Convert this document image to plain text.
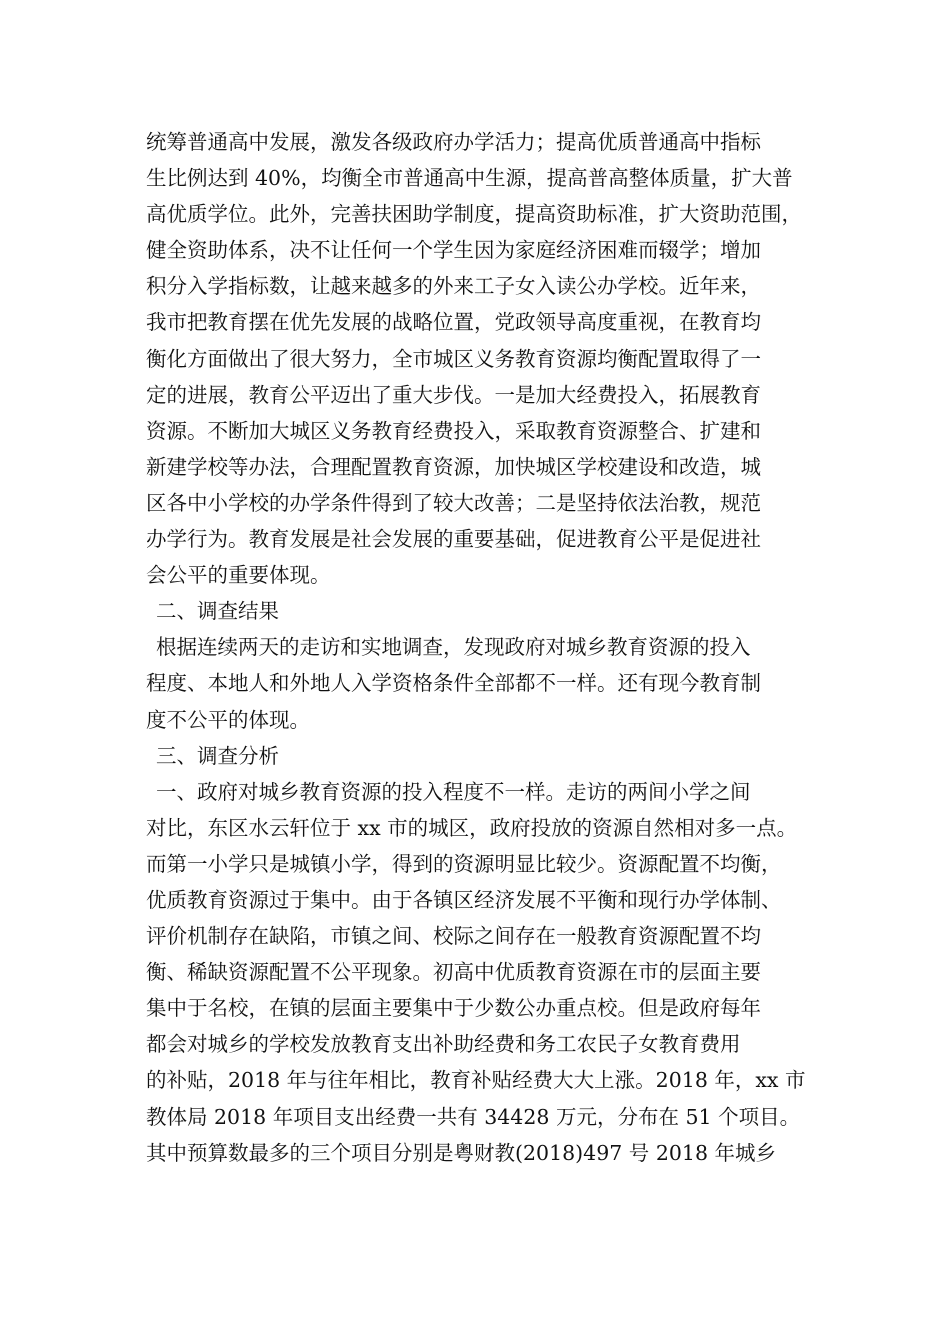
统筹普通高中发展，激发各级政府办学活力；提高优质普通高中指标
生比例达到 40%，均衡全市普通高中生源，提高普高整体质量，扩大普
高优质学位。此外，完善扶困助学制度，提高资助标准，扩大资助范围，
健全资助体系，决不让任何一个学生因为家庭经济困难而辍学；增加
积分入学指标数，让越来越多的外来工子女入读公办学校。近年来，
我市把教育摆在优先发展的战略位置，党政领导高度重视，在教育均
衡化方面做出了很大努力，全市城区义务教育资源均衡配置取得了一
定的进展，教育公平迈出了重大步伐。一是加大经费投入，拓展教育
资源。不断加大城区义务教育经费投入，采取教育资源整合、扩建和
新建学校等办法，合理配置教育资源，加快城区学校建设和改造，城
区各中小学校的办学条件得到了较大改善；二是坚持依法治教，规范
办学行为。教育发展是社会发展的重要基础，促进教育公平是促进社
会公平的重要体现。
二、调查结果
根据连续两天的走访和实地调查，发现政府对城乡教育资源的投入
程度、本地人和外地人入学资格条件全部都不一样。还有现今教育制
度不公平的体现。
三、调查分析
一、政府对城乡教育资源的投入程度不一样。走访的两间小学之间
对比，东区水云轩位于 xx 市的城区，政府投放的资源自然相对多一点。
而第一小学只是城镇小学，得到的资源明显比较少。资源配置不均衡，
优质教育资源过于集中。由于各镇区经济发展不平衡和现行办学体制、
评价机制存在缺陷，市镇之间、校际之间存在一般教育资源配置不均
衡、稀缺资源配置不公平现象。初高中优质教育资源在市的层面主要
集中于名校，在镇的层面主要集中于少数公办重点校。但是政府每年
都会对城乡的学校发放教育支出补助经费和务工农民子女教育费用
的补贴，2018 年与往年相比，教育补贴经费大大上涨。2018 年，xx 市
教体局 2018 年项目支出经费一共有 34428 万元，分布在 51 个项目。
其中预算数最多的三个项目分别是粤财教(2018)497 号 2018 年城乡
